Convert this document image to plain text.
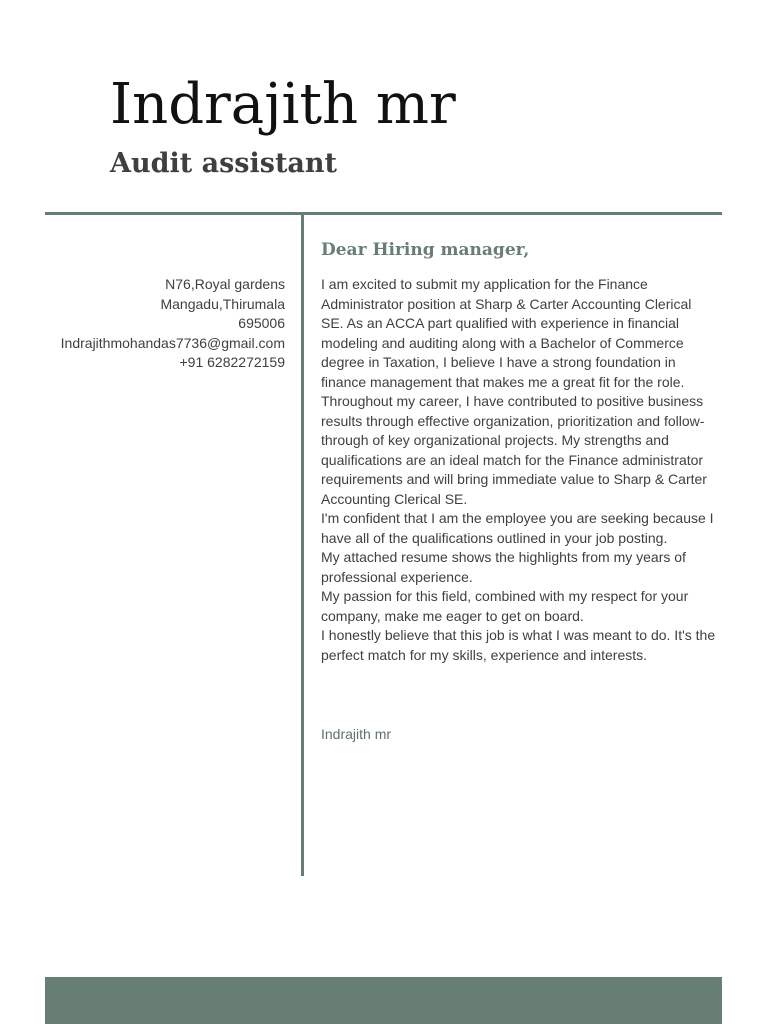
Indrajith mr
Audit assistant
N76,Royal gardens
Mangadu,Thirumala
695006
Indrajithmohandas7736@gmail.com
+91 6282272159
Dear Hiring manager,

I am excited to submit my application for the Finance Administrator position at Sharp & Carter Accounting Clerical SE. As an ACCA part qualified with experience in financial modeling and auditing along with a Bachelor of Commerce degree in Taxation, I believe I have a strong foundation in finance management that makes me a great fit for the role.

Throughout my career, I have contributed to positive business results through effective organization, prioritization and follow-through of key organizational projects. My strengths and qualifications are an ideal match for the Finance administrator requirements and will bring immediate value to Sharp & Carter Accounting Clerical SE.

I'm confident that I am the employee you are seeking because I have all of the qualifications outlined in your job posting.

My attached resume shows the highlights from my years of professional experience.

My passion for this field, combined with my respect for your company, make me eager to get on board.

I honestly believe that this job is what I was meant to do. It's the perfect match for my skills, experience and interests.

Indrajith mr
